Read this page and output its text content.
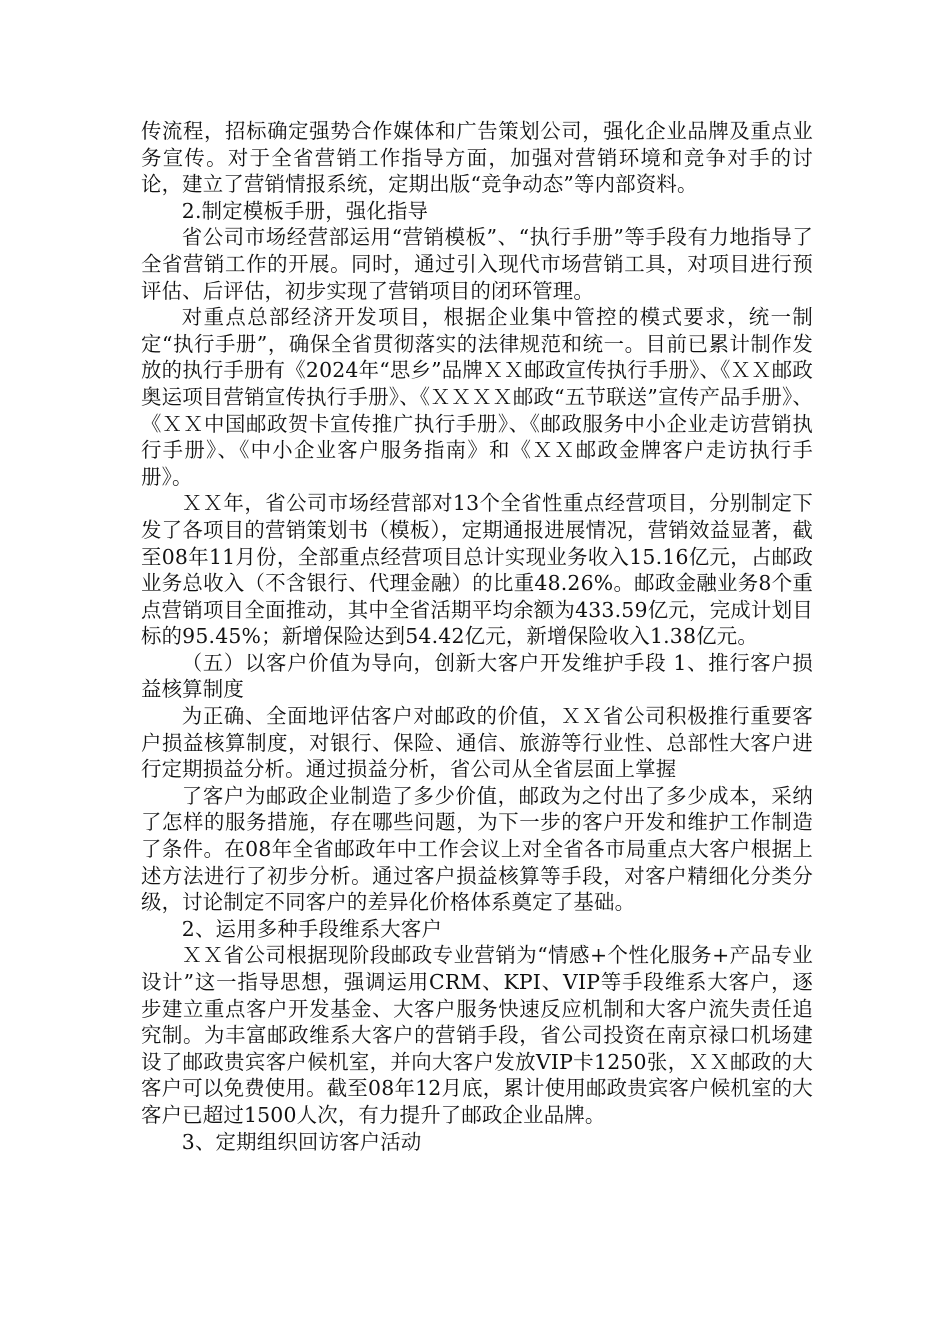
传流程，招标确定强势合作媒体和广告策划公司，强化企业品牌及重点业务宣传。对于全省营销工作指导方面，加强对营销环境和竞争对手的讨论，建立了营销情报系统，定期出版“竞争动态”等内部资料。

2.制定模板手册，强化指导

省公司市场经营部运用“营销模板”、“执行手册”等手段有力地指导了全省营销工作的开展。同时，通过引入现代市场营销工具，对项目进行预评估、后评估，初步实现了营销项目的闭环管理。

对重点总部经济开发项目，根据企业集中管控的模式要求，统一制定“执行手册”，确保全省贯彻落实的法律规范和统一。目前已累计制作发放的执行手册有《2024年“思乡”品牌ＸＸ邮政宣传执行手册》、《ＸＸ邮政奥运项目营销宣传执行手册》、《ＸＸＸＸ邮政“五节联送”宣传产品手册》、《ＸＸ中国邮政贺卡宣传推广执行手册》、《邮政服务中小企业走访营销执行手册》、《中小企业客户服务指南》和《ＸＸ邮政金牌客户走访执行手册》。

ＸＸ年，省公司市场经营部对13个全省性重点经营项目，分别制定下发了各项目的营销策划书（模板），定期通报进展情况，营销效益显著，截至08年11月份，全部重点经营项目总计实现业务收入15.16亿元，占邮政业务总收入（不含银行、代理金融）的比重48.26%。邮政金融业务8个重点营销项目全面推动，其中全省活期平均余额为433.59亿元，完成计划目标的95.45%；新增保险达到54.42亿元，新增保险收入1.38亿元。

（五）以客户价值为导向，创新大客户开发维护手段 1、推行客户损益核算制度

为正确、全面地评估客户对邮政的价值，ＸＸ省公司积极推行重要客户损益核算制度，对银行、保险、通信、旅游等行业性、总部性大客户进行定期损益分析。通过损益分析，省公司从全省层面上掌握

了客户为邮政企业制造了多少价值，邮政为之付出了多少成本，采纳了怎样的服务措施，存在哪些问题，为下一步的客户开发和维护工作制造了条件。在08年全省邮政年中工作会议上对全省各市局重点大客户根据上述方法进行了初步分析。通过客户损益核算等手段，对客户精细化分类分级，讨论制定不同客户的差异化价格体系奠定了基础。

2、运用多种手段维系大客户

ＸＸ省公司根据现阶段邮政专业营销为“情感+个性化服务+产品专业设计”这一指导思想，强调运用CRM、KPI、VIP等手段维系大客户，逐步建立重点客户开发基金、大客户服务快速反应机制和大客户流失责任追究制。为丰富邮政维系大客户的营销手段，省公司投资在南京禄口机场建设了邮政贵宾客户候机室，并向大客户发放VIP卡1250张，ＸＸ邮政的大客户可以免费使用。截至08年12月底，累计使用邮政贵宾客户候机室的大客户已超过1500人次，有力提升了邮政企业品牌。

3、定期组织回访客户活动
